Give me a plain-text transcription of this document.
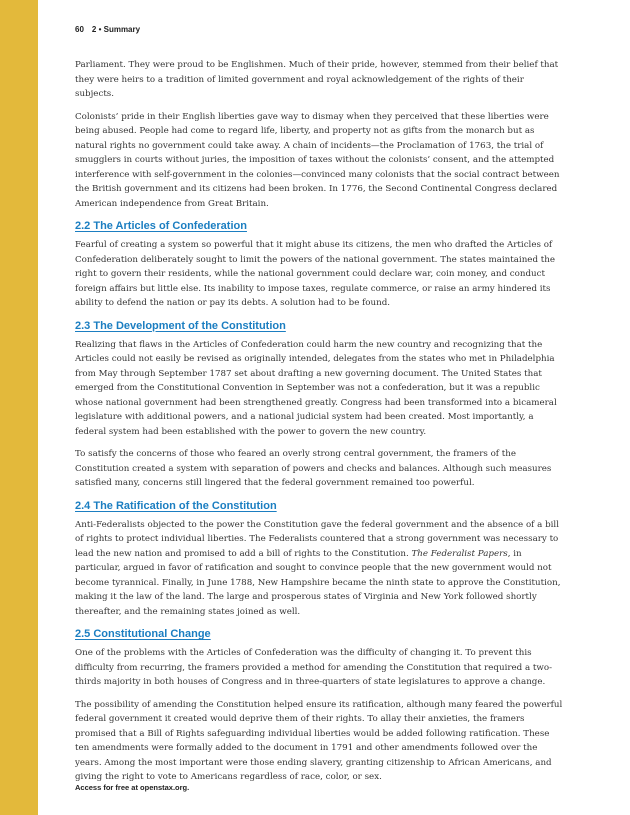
60 2 • Summary

Parliament. They were proud to be Englishmen. Much of their pride, however, stemmed from their belief that they were heirs to a tradition of limited government and royal acknowledgement of the rights of their subjects.

Colonists’ pride in their English liberties gave way to dismay when they perceived that these liberties were being abused. People had come to regard life, liberty, and property not as gifts from the monarch but as natural rights no government could take away. A chain of incidents—the Proclamation of 1763, the trial of smugglers in courts without juries, the imposition of taxes without the colonists’ consent, and the attempted interference with self-government in the colonies—convinced many colonists that the social contract between the British government and its citizens had been broken. In 1776, the Second Continental Congress declared American independence from Great Britain.

2.2 The Articles of Confederation

Fearful of creating a system so powerful that it might abuse its citizens, the men who drafted the Articles of Confederation deliberately sought to limit the powers of the national government. The states maintained the right to govern their residents, while the national government could declare war, coin money, and conduct foreign affairs but little else. Its inability to impose taxes, regulate commerce, or raise an army hindered its ability to defend the nation or pay its debts. A solution had to be found.

2.3 The Development of the Constitution

Realizing that flaws in the Articles of Confederation could harm the new country and recognizing that the Articles could not easily be revised as originally intended, delegates from the states who met in Philadelphia from May through September 1787 set about drafting a new governing document. The United States that emerged from the Constitutional Convention in September was not a confederation, but it was a republic whose national government had been strengthened greatly. Congress had been transformed into a bicameral legislature with additional powers, and a national judicial system had been created. Most importantly, a federal system had been established with the power to govern the new country.

To satisfy the concerns of those who feared an overly strong central government, the framers of the Constitution created a system with separation of powers and checks and balances. Although such measures satisfied many, concerns still lingered that the federal government remained too powerful.

2.4 The Ratification of the Constitution

Anti-Federalists objected to the power the Constitution gave the federal government and the absence of a bill of rights to protect individual liberties. The Federalists countered that a strong government was necessary to lead the new nation and promised to add a bill of rights to the Constitution. The Federalist Papers, in particular, argued in favor of ratification and sought to convince people that the new government would not become tyrannical. Finally, in June 1788, New Hampshire became the ninth state to approve the Constitution, making it the law of the land. The large and prosperous states of Virginia and New York followed shortly thereafter, and the remaining states joined as well.

2.5 Constitutional Change

One of the problems with the Articles of Confederation was the difficulty of changing it. To prevent this difficulty from recurring, the framers provided a method for amending the Constitution that required a two-thirds majority in both houses of Congress and in three-quarters of state legislatures to approve a change.

The possibility of amending the Constitution helped ensure its ratification, although many feared the powerful federal government it created would deprive them of their rights. To allay their anxieties, the framers promised that a Bill of Rights safeguarding individual liberties would be added following ratification. These ten amendments were formally added to the document in 1791 and other amendments followed over the years. Among the most important were those ending slavery, granting citizenship to African Americans, and giving the right to vote to Americans regardless of race, color, or sex.

Access for free at openstax.org.
